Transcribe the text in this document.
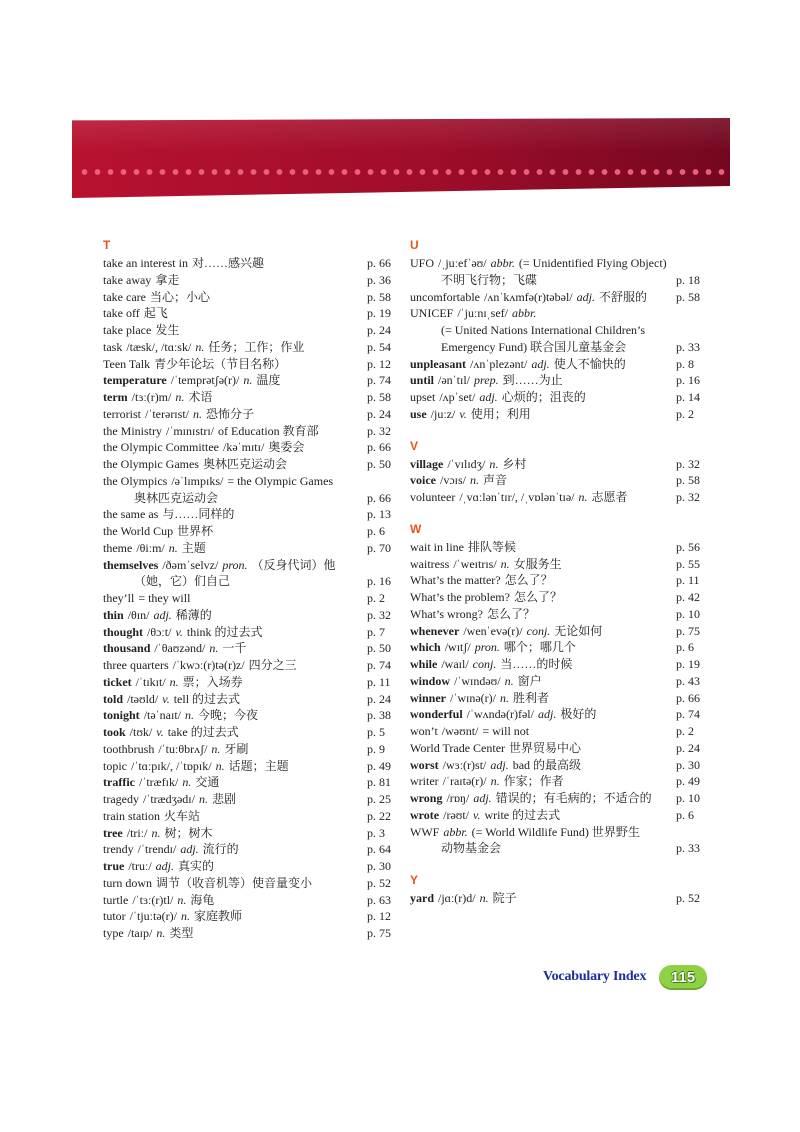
T
take an interest in 对……感兴趣	p. 66
take away 拿走	p. 36
take care 当心；小心	p. 58
take off 起飞	p. 19
take place 发生	p. 24
task /tæsk/, /tɑːsk/ n. 任务；工作；作业	p. 54
Teen Talk 青少年论坛（节目名称）	p. 12
temperature /ˈtemprətʃə(r)/ n. 温度	p. 74
term /tɜː(r)m/ n. 术语	p. 58
terrorist /ˈterərɪst/ n. 恐怖分子	p. 24
the Ministry /ˈmɪnɪstrɪ/ of Education 教育部	p. 32
the Olympic Committee /kəˈmɪtɪ/ 奥委会	p. 66
the Olympic Games 奥林匹克运动会	p. 50
the Olympics /əˈlɪmpɪks/ = the Olympic Games
奥林匹克运动会	p. 66
the same as 与……同样的	p. 13
the World Cup 世界杯	p. 6
theme /θiːm/ n. 主题	p. 70
themselves /ðəmˈselvz/ pron. （反身代词）他
（她，它）们自己	p. 16
they’ll = they will	p. 2
thin /θɪn/ adj. 稀薄的	p. 32
thought /θɔːt/ v. think 的过去式	p. 7
thousand /ˈθaʊzənd/ n. 一千	p. 50
three quarters /ˈkwɔː(r)tə(r)z/ 四分之三	p. 74
ticket /ˈtɪkɪt/ n. 票；入场券	p. 11
told /təʊld/ v. tell 的过去式	p. 24
tonight /təˈnaɪt/ n. 今晚；今夜	p. 38
took /tʊk/ v. take 的过去式	p. 5
toothbrush /ˈtuːθbrʌʃ/ n. 牙刷	p. 9
topic /ˈtɑːpɪk/, /ˈtɒpɪk/ n. 话题；主题	p. 49
traffic /ˈtræfɪk/ n. 交通	p. 81
tragedy /ˈtrædʒədɪ/ n. 悲剧	p. 25
train station 火车站	p. 22
tree /triː/ n. 树；树木	p. 3
trendy /ˈtrendɪ/ adj. 流行的	p. 64
true /truː/ adj. 真实的	p. 30
turn down 调节（收音机等）使音量变小	p. 52
turtle /ˈtɜː(r)tl/ n. 海龟	p. 63
tutor /ˈtjuːtə(r)/ n. 家庭教师	p. 12
type /taɪp/ n. 类型	p. 75
U
UFO /ˌjuːefˈəʊ/ abbr. (= Unidentified Flying Object)
不明飞行物；飞碟	p. 18
uncomfortable /ʌnˈkʌmfə(r)təbəl/ adj. 不舒服的 p. 58
UNICEF /ˈjuːnɪˌsef/ abbr.
(= United Nations International Children’s
Emergency Fund) 联合国儿童基金会	p. 33
unpleasant /ʌnˈplezənt/ adj. 使人不愉快的	p. 8
until /ənˈtɪl/ prep. 到……为止	p. 16
upset /ʌpˈset/ adj. 心烦的；沮丧的	p. 14
use /juːz/ v. 使用；利用	p. 2
V
village /ˈvɪlɪdʒ/ n. 乡村	p. 32
voice /vɔɪs/ n. 声音	p. 58
volunteer /ˌvɑːlənˈtɪr/, /ˌvɒlənˈtɪə/ n. 志愿者	p. 32
W
wait in line 排队等候	p. 56
waitress /ˈweɪtrɪs/ n. 女服务生	p. 55
What’s the matter? 怎么了？	p. 11
What’s the problem? 怎么了？	p. 42
What’s wrong? 怎么了？	p. 10
whenever /wenˈevə(r)/ conj. 无论如何	p. 75
which /wɪtʃ/ pron. 哪个；哪几个	p. 6
while /waɪl/ conj. 当……的时候	p. 19
window /ˈwɪndəʊ/ n. 窗户	p. 43
winner /ˈwɪnə(r)/ n. 胜利者	p. 66
wonderful /ˈwʌndə(r)fəl/ adj. 极好的	p. 74
won’t /wəʊnt/ = will not	p. 2
World Trade Center 世界贸易中心	p. 24
worst /wɜː(r)st/ adj. bad 的最高级	p. 30
writer /ˈraɪtə(r)/ n. 作家；作者	p. 49
wrong /rɒŋ/ adj. 错误的；有毛病的；不适合的 p. 10
wrote /rəʊt/ v. write 的过去式	p. 6
WWF abbr. (= World Wildlife Fund) 世界野生
动物基金会	p. 33
Y
yard /jɑː(r)d/ n. 院子	p. 52
Vocabulary Index	115
